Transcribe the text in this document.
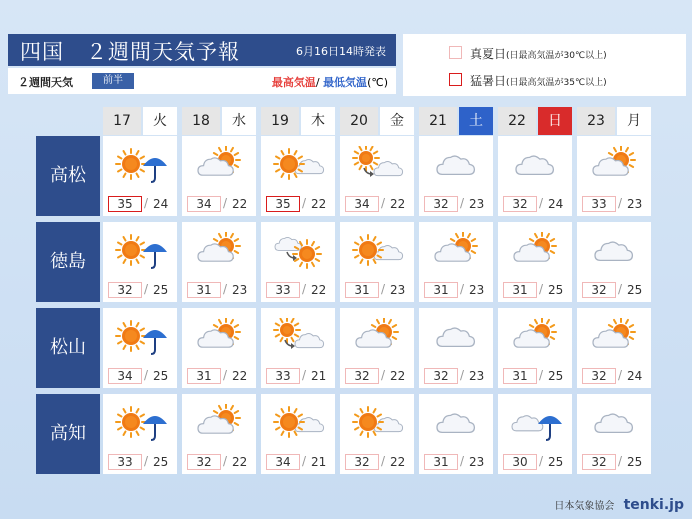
四国　２週間天気予報	6月16日14時発表
２週間天気	前半	最高気温/ 最低気温(℃)
真夏日(日最高気温が30℃以上)
猛暑日(日最高気温が35℃以上)
17	火	18	水	19	木	20	金	21	土	22	日	23	月
高松
35 / 24	34 / 22	35 / 22	34 / 22	32 / 23	32 / 24	33 / 23
徳島
32 / 25	31 / 23	33 / 22	31 / 23	31 / 23	31 / 25	32 / 25
松山
34 / 25	31 / 22	33 / 21	32 / 22	32 / 23	31 / 25	32 / 24
高知
33 / 25	32 / 22	34 / 21	32 / 22	31 / 23	30 / 25	32 / 25
日本気象協会 tenki.jp
